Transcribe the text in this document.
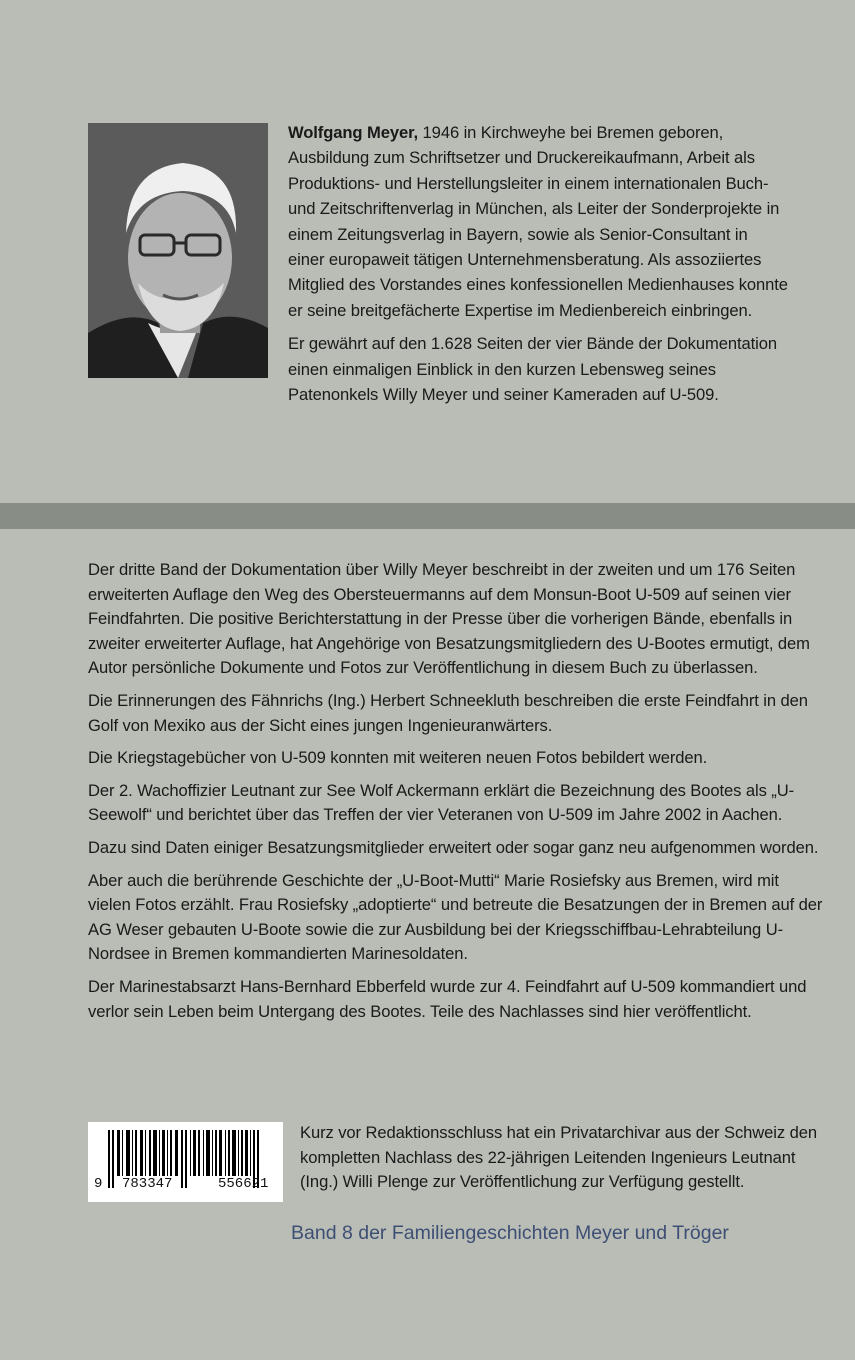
Wolfgang Meyer, 1946 in Kirchweyhe bei Bremen geboren, Ausbildung zum Schriftsetzer und Druckereikaufmann, Arbeit als Produktions- und Herstellungsleiter in einem internationalen Buch- und Zeitschriftenverlag in München, als Leiter der Sonderprojekte in einem Zeitungsverlag in Bayern, sowie als Senior-Consultant in einer europaweit tätigen Unternehmensberatung. Als assoziiertes Mitglied des Vorstandes eines konfessionellen Medienhauses konnte er seine breitgefächerte Expertise im Medienbereich einbringen.

Er gewährt auf den 1.628 Seiten der vier Bände der Dokumentation einen einmaligen Einblick in den kurzen Lebensweg seines Patenonkels Willy Meyer und seiner Kameraden auf U-509.

Der dritte Band der Dokumentation über Willy Meyer beschreibt in der zweiten und um 176 Seiten erweiterten Auflage den Weg des Obersteuermanns auf dem Monsun-Boot U-509 auf seinen vier Feindfahrten. Die positive Berichterstattung in der Presse über die vorherigen Bände, ebenfalls in zweiter erweiterter Auflage, hat Angehörige von Besatzungsmitgliedern des U-Bootes ermutigt, dem Autor persönliche Dokumente und Fotos zur Veröffentlichung in diesem Buch zu überlassen.

Die Erinnerungen des Fähnrichs (Ing.) Herbert Schneekluth beschreiben die erste Feindfahrt in den Golf von Mexiko aus der Sicht eines jungen Ingenieuranwärters.

Die Kriegstagebücher von U-509 konnten mit weiteren neuen Fotos bebildert werden.

Der 2. Wachoffizier Leutnant zur See Wolf Ackermann erklärt die Bezeichnung des Bootes als „U-Seewolf“ und berichtet über das Treffen der vier Veteranen von U-509 im Jahre 2002 in Aachen.

Dazu sind Daten einiger Besatzungsmitglieder erweitert oder sogar ganz neu aufgenommen worden.

Aber auch die berührende Geschichte der „U-Boot-Mutti“ Marie Rosiefsky aus Bremen, wird mit vielen Fotos erzählt. Frau Rosiefsky „adoptierte“ und betreute die Besatzungen der in Bremen auf der AG Weser gebauten U-Boote sowie die zur Ausbildung bei der Kriegsschiffbau-Lehrabteilung U-Nordsee in Bremen kommandierten Marinesoldaten.

Der Marinestabsarzt Hans-Bernhard Ebberfeld wurde zur 4. Feindfahrt auf U-509 kommandiert und verlor sein Leben beim Untergang des Bootes. Teile des Nachlasses sind hier veröffentlicht.

9 783347	556621

Kurz vor Redaktionsschluss hat ein Privatarchivar aus der Schweiz den kompletten Nachlass des 22-jährigen Leitenden Ingenieurs Leutnant (Ing.) Willi Plenge zur Veröffentlichung zur Verfügung gestellt.

Band 8 der Familiengeschichten Meyer und Tröger
